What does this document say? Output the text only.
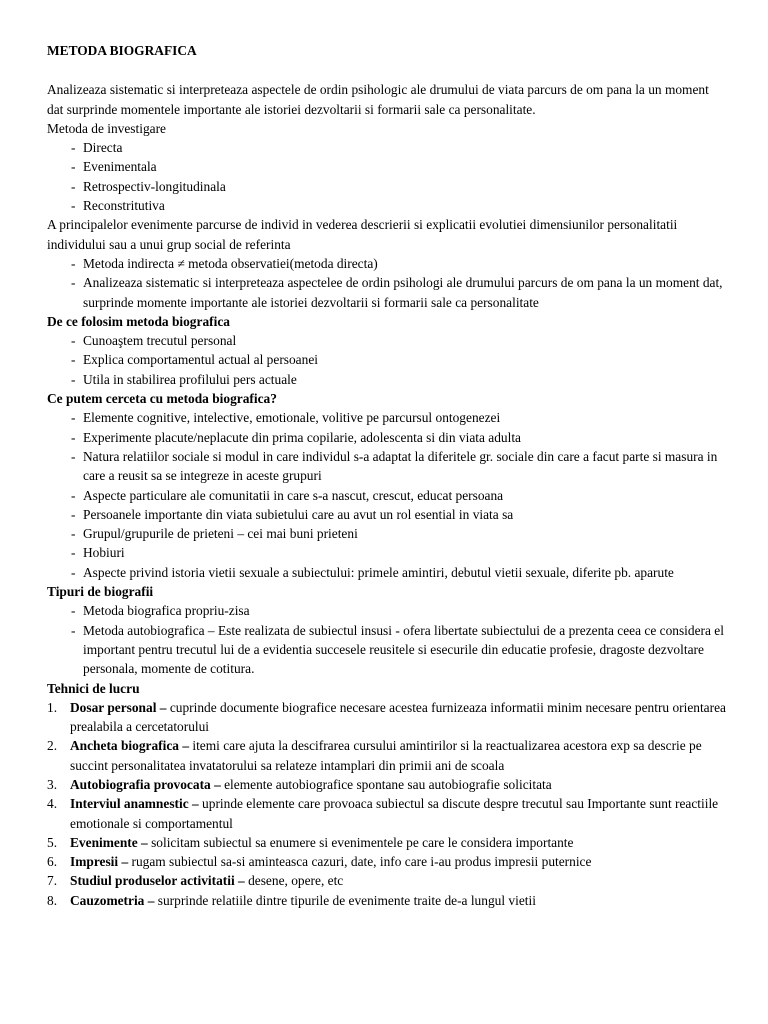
METODA BIOGRAFICA

Analizeaza sistematic si interpreteaza aspectele de ordin psihologic ale drumului de viata parcurs de om pana la un moment dat surprinde momentele importante ale istoriei dezvoltarii si formarii sale ca personalitate.

Metoda de investigare

- Directa
- Evenimentala
- Retrospectiv-longitudinala
- Reconstritutiva

A principalelor evenimente parcurse de individ in vederea descrierii si explicatii evolutiei dimensiunilor personalitatii individului sau a unui grup social de referinta

- Metoda indirecta ≠ metoda observatiei(metoda directa)
- Analizeaza sistematic si interpreteaza aspectelee de ordin psihologi ale drumului parcurs de om pana la un moment dat, surprinde momente importante ale istoriei dezvoltarii si formarii sale ca personalitate

De ce folosim metoda biografica

- Cunoaştem trecutul personal
- Explica comportamentul actual al persoanei
- Utila in stabilirea profilului pers actuale

Ce putem cerceta cu metoda biografica?

- Elemente cognitive, intelective, emotionale, volitive pe parcursul ontogenezei
- Experimente placute/neplacute din prima copilarie, adolescenta si din viata adulta
- Natura relatiilor sociale si modul in care individul s-a adaptat la diferitele gr. sociale din care a facut parte si masura in care a reusit sa se integreze in aceste grupuri
- Aspecte particulare ale comunitatii in care s-a nascut, crescut, educat persoana
- Persoanele importante din viata subietului care au avut un rol esential in viata sa
- Grupul/grupurile de prieteni – cei mai buni prieteni
- Hobiuri
- Aspecte privind istoria vietii sexuale a subiectului: primele amintiri, debutul vietii sexuale, diferite pb. aparute

Tipuri de biografii

- Metoda biografica propriu-zisa
- Metoda autobiografica – Este realizata de subiectul insusi - ofera libertate subiectului de a prezenta ceea ce considera el important pentru trecutul lui de a evidentia succesele reusitele si esecurile din educatie profesie, dragoste dezvoltare personala, momente de cotitura.

Tehnici de lucru

1. Dosar personal – cuprinde documente biografice necesare acestea furnizeaza informatii minim necesare pentru orientarea prealabila a cercetatorului
2. Ancheta biografica – itemi care ajuta la descifrarea cursului amintirilor si la reactualizarea acestora exp sa descrie pe succint personalitatea invatatorului sa relateze intamplari din primii ani de scoala
3. Autobiografia provocata – elemente autobiografice spontane sau autobiografie solicitata
4. Interviul anamnestic – uprinde elemente care provoaca subiectul sa discute despre trecutul sau Importante sunt reactiile emotionale si comportamentul
5. Evenimente – solicitam subiectul sa enumere si evenimentele pe care le considera importante
6. Impresii – rugam subiectul sa-si aminteasca cazuri, date, info care i-au produs impresii puternice
7. Studiul produselor activitatii – desene, opere, etc
8. Cauzometria – surprinde relatiile dintre tipurile de evenimente traite de-a lungul vietii
